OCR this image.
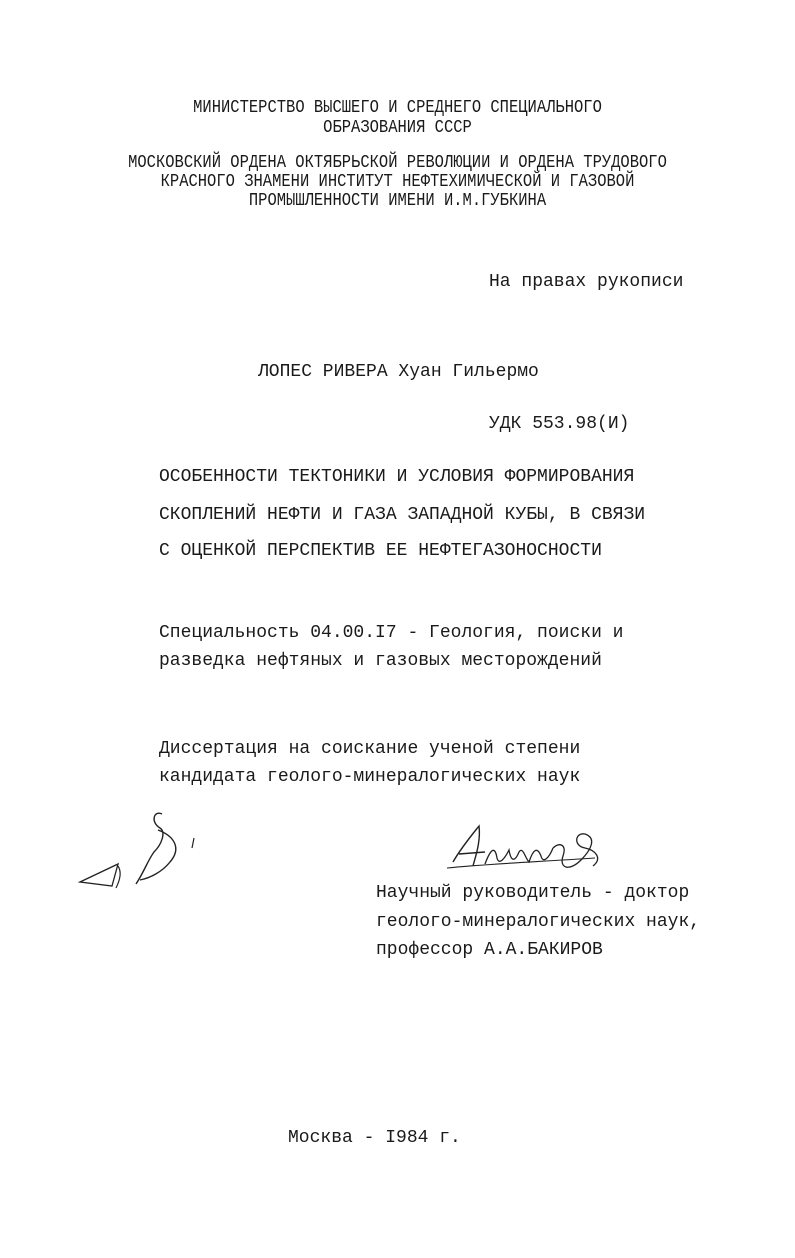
МИНИСТЕРСТВО ВЫСШЕГО И СРЕДНЕГО СПЕЦИАЛЬНОГО
ОБРАЗОВАНИЯ СССР
МОСКОВСКИЙ ОРДЕНА ОКТЯБРЬСКОЙ РЕВОЛЮЦИИ И ОРДЕНА ТРУДОВОГО
КРАСНОГО ЗНАМЕНИ ИНСТИТУТ НЕФТЕХИМИЧЕСКОЙ И ГАЗОВОЙ
ПРОМЫШЛЕННОСТИ ИМЕНИ И.М.ГУБКИНА
На правах рукописи
ЛОПЕС РИВЕРА Хуан Гильермо
УДК 553.98(И)
ОСОБЕННОСТИ ТЕКТОНИКИ И УСЛОВИЯ ФОРМИРОВАНИЯ
СКОПЛЕНИЙ НЕФТИ И ГАЗА ЗАПАДНОЙ КУБЫ, В СВЯЗИ
С ОЦЕНКОЙ ПЕРСПЕКТИВ ЕЕ НЕФТЕГАЗОНОСНОСТИ
Специальность 04.00.I7 - Геология, поиски и
разведка нефтяных и газовых месторождений
Диссертация на соискание ученой степени
кандидата геолого-минералогических наук
Научный руководитель - доктор
геолого-минералогических наук,
профессор А.А.БАКИРОВ
Москва - I984 г.
